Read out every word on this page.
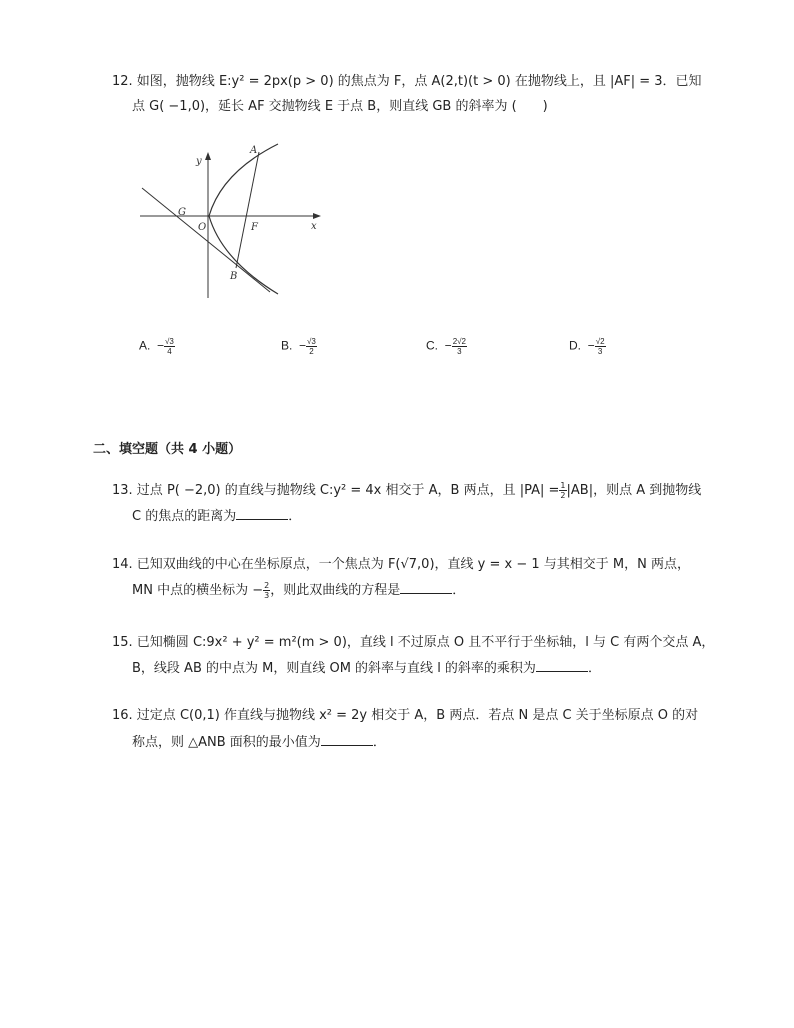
12. 如图，抛物线 E:y² = 2px(p > 0) 的焦点为 F，点 A(2,t)(t > 0) 在抛物线上，且 |AF| = 3．已知
点 G( −1,0)，延长 AF 交抛物线 E 于点 B，则直线 GB 的斜率为 (　　)
y
x
A
B
F
G
O
A. − $\frac{√3}{4}$	B. − $\frac{√3}{2}$	C. − $\frac{2√2}{3}$	D. − $\frac{√2}{3}$
二、填空题（共 4 小题）
13. 过点 P( −2,0) 的直线与抛物线 C:y² = 4x 相交于 A，B 两点，且 $|PA| = \frac{1}{2} |AB|$，则点 A 到抛物线
C 的焦点的距离为	．
14. 已知双曲线的中心在坐标原点，一个焦点为 F(√7,0)，直线 y = x − 1 与其相交于 M，N 两点，
MN 中点的横坐标为 − $\frac{2}{3}$ ，则此双曲线的方程是	．
15. 已知椭圆 C:9x² + y² = m²(m > 0)，直线 l 不过原点 O 且不平行于坐标轴，l 与 C 有两个交点 A，
B，线段 AB 的中点为 M，则直线 OM 的斜率与直线 l 的斜率的乘积为	．
16. 过定点 C(0,1) 作直线与抛物线 x² = 2y 相交于 A，B 两点．若点 N 是点 C 关于坐标原点 O 的对
称点，则 △ANB 面积的最小值为	．
